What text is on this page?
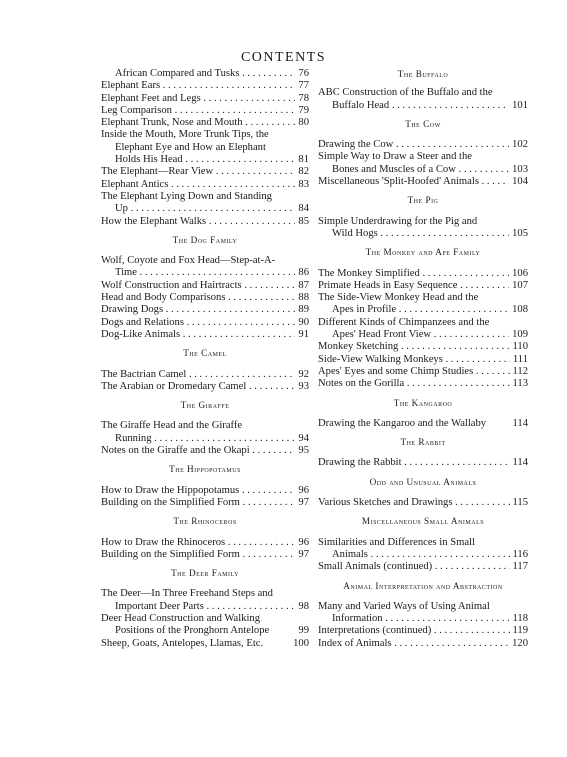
CONTENTS
African Compared and Tusks . . .	76
Elephant Ears . . .	77
Elephant Feet and Legs . . .	78
Leg Comparison . . .	79
Elephant Trunk, Nose and Mouth . . .	80
Inside the Mouth, More Trunk Tips, the
Elephant Eye and How an Elephant
Holds His Head . . .	81
The Elephant—Rear View . . .	82
Elephant Antics . . .	83
The Elephant Lying Down and Standing
Up . . .	84
How the Elephant Walks . . .	85
The Dog Family
Wolf, Coyote and Fox Head—Step-at-A-
Time . . .	86
Wolf Construction and Hairtracts . . .	87
Head and Body Comparisons . . .	88
Drawing Dogs . . .	89
Dogs and Relations . . .	90
Dog-Like Animals . . .	91
The Camel
The Bactrian Camel . . .	92
The Arabian or Dromedary Camel . . .	93
The Giraffe
The Giraffe Head and the Giraffe
Running . . .	94
Notes on the Giraffe and the Okapi . . .	95
The Hippopotamus
How to Draw the Hippopotamus . . .	96
Building on the Simplified Form . . .	97
The Rhinoceros
How to Draw the Rhinoceros . . .	96
Building on the Simplified Form . . .	97
The Deer Family
The Deer—In Three Freehand Steps and
Important Deer Parts . . .	98
Deer Head Construction and Walking
Positions of the Pronghorn Antelope	99
Sheep, Goats, Antelopes, Llamas, Etc.	100
The Buffalo
ABC Construction of the Buffalo and the
Buffalo Head . . .	101
The Cow
Drawing the Cow . . .	102
Simple Way to Draw a Steer and the
Bones and Muscles of a Cow . . .	103
Miscellaneous 'Split-Hoofed' Animals . . .	104
The Pig
Simple Underdrawing for the Pig and
Wild Hogs . . .	105
The Monkey and Ape Family
The Monkey Simplified . . .	106
Primate Heads in Easy Sequence . . .	107
The Side-View Monkey Head and the
Apes in Profile . . .	108
Different Kinds of Chimpanzees and the
Apes' Head Front View . . .	109
Monkey Sketching . . .	110
Side-View Walking Monkeys . . .	111
Apes' Eyes and some Chimp Studies . . .	112
Notes on the Gorilla . . .	113
The Kangaroo
Drawing the Kangaroo and the Wallaby	114
The Rabbit
Drawing the Rabbit . . .	114
Odd and Unusual Animals
Various Sketches and Drawings . . .	115
Miscellaneous Small Animals
Similarities and Differences in Small
Animals . . .	116
Small Animals (continued) . . .	117
Animal Interpretation and Abstraction
Many and Varied Ways of Using Animal
Information . . .	118
Interpretations (continued) . . .	119
Index of Animals . . .	120
